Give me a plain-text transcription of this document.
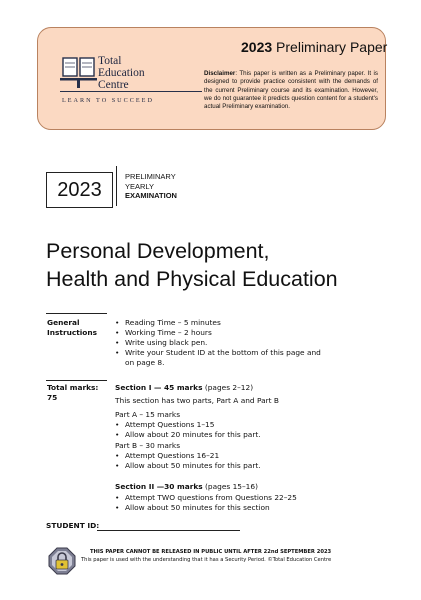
Total
Education
Centre
LEARN TO SUCCEED
2023 Preliminary Paper
Disclaimer: This paper is written as a Preliminary paper. It is designed to provide practice consistent with the demands of the current Preliminary course and its examination. However, we do not guarantee it predicts question content for a student's actual Preliminary examination.
2023
PRELIMINARY
YEARLY
EXAMINATION
Personal Development,
Health and Physical Education
General
Instructions
• Reading Time – 5 minutes
• Working Time – 2 hours
• Write using black pen.
• Write your Student ID at the bottom of this page and on page 8.
Total marks:
75
Section I — 45 marks (pages 2–12)
This section has two parts, Part A and Part B
Part A – 15 marks
• Attempt Questions 1–15
• Allow about 20 minutes for this part.
Part B – 30 marks
• Attempt Questions 16–21
• Allow about 50 minutes for this part.
Section II —30 marks (pages 15–16)
• Attempt TWO questions from Questions 22–25
• Allow about 50 minutes for this section
STUDENT ID:
THIS PAPER CANNOT BE RELEASED IN PUBLIC UNTIL AFTER 22nd SEPTEMBER 2023
This paper is used with the understanding that it has a Security Period. ©Total Education Centre
